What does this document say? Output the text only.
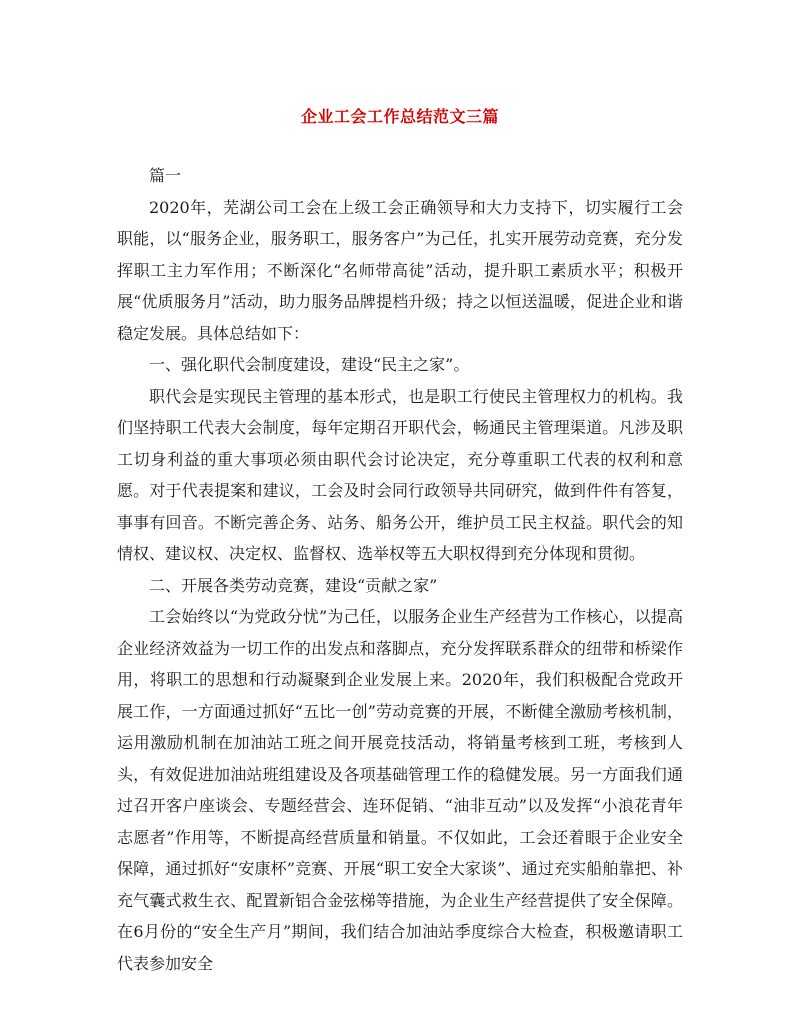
企业工会工作总结范文三篇

篇一

2020年，芜湖公司工会在上级工会正确领导和大力支持下，切实履行工会职能，以“服务企业，服务职工，服务客户”为己任，扎实开展劳动竞赛，充分发挥职工主力军作用；不断深化“名师带高徒”活动，提升职工素质水平；积极开展“优质服务月”活动，助力服务品牌提档升级；持之以恒送温暖，促进企业和谐稳定发展。具体总结如下：

一、强化职代会制度建设，建设“民主之家”。

职代会是实现民主管理的基本形式，也是职工行使民主管理权力的机构。我们坚持职工代表大会制度，每年定期召开职代会，畅通民主管理渠道。凡涉及职工切身利益的重大事项必须由职代会讨论决定，充分尊重职工代表的权利和意愿。对于代表提案和建议，工会及时会同行政领导共同研究，做到件件有答复，事事有回音。不断完善企务、站务、船务公开，维护员工民主权益。职代会的知情权、建议权、决定权、监督权、选举权等五大职权得到充分体现和贯彻。

二、开展各类劳动竞赛，建设“贡献之家”

工会始终以“为党政分忧”为己任，以服务企业生产经营为工作核心，以提高企业经济效益为一切工作的出发点和落脚点，充分发挥联系群众的纽带和桥梁作用，将职工的思想和行动凝聚到企业发展上来。2020年，我们积极配合党政开展工作，一方面通过抓好“五比一创”劳动竞赛的开展，不断健全激励考核机制，运用激励机制在加油站工班之间开展竞技活动，将销量考核到工班，考核到人头，有效促进加油站班组建设及各项基础管理工作的稳健发展。另一方面我们通过召开客户座谈会、专题经营会、连环促销、“油非互动”以及发挥“小浪花青年志愿者”作用等，不断提高经营质量和销量。不仅如此，工会还着眼于企业安全保障，通过抓好“安康杯”竞赛、开展“职工安全大家谈”、通过充实船舶靠把、补充气囊式救生衣、配置新铝合金弦梯等措施，为企业生产经营提供了安全保障。在6月份的“安全生产月”期间，我们结合加油站季度综合大检查，积极邀请职工代表参加安全
